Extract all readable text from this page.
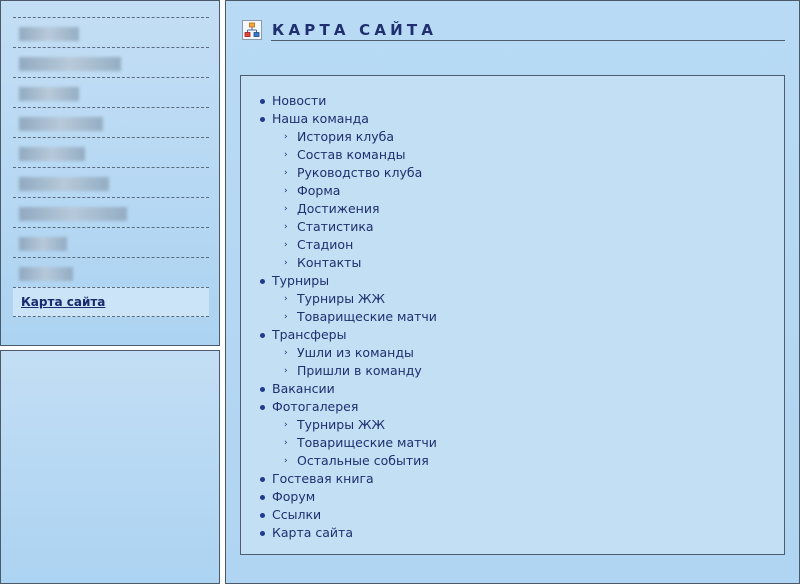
Карта сайта
КАРТА САЙТА
Новости
Наша команда
› История клуба
› Состав команды
› Руководство клуба
› Форма
› Достижения
› Статистика
› Стадион
› Контакты
Турниры
› Турниры ЖЖ
› Товарищеские матчи
Трансферы
› Ушли из команды
› Пришли в команду
Вакансии
Фотогалерея
› Турниры ЖЖ
› Товарищеские матчи
› Остальные события
Гостевая книга
Форум
Ссылки
Карта сайта
